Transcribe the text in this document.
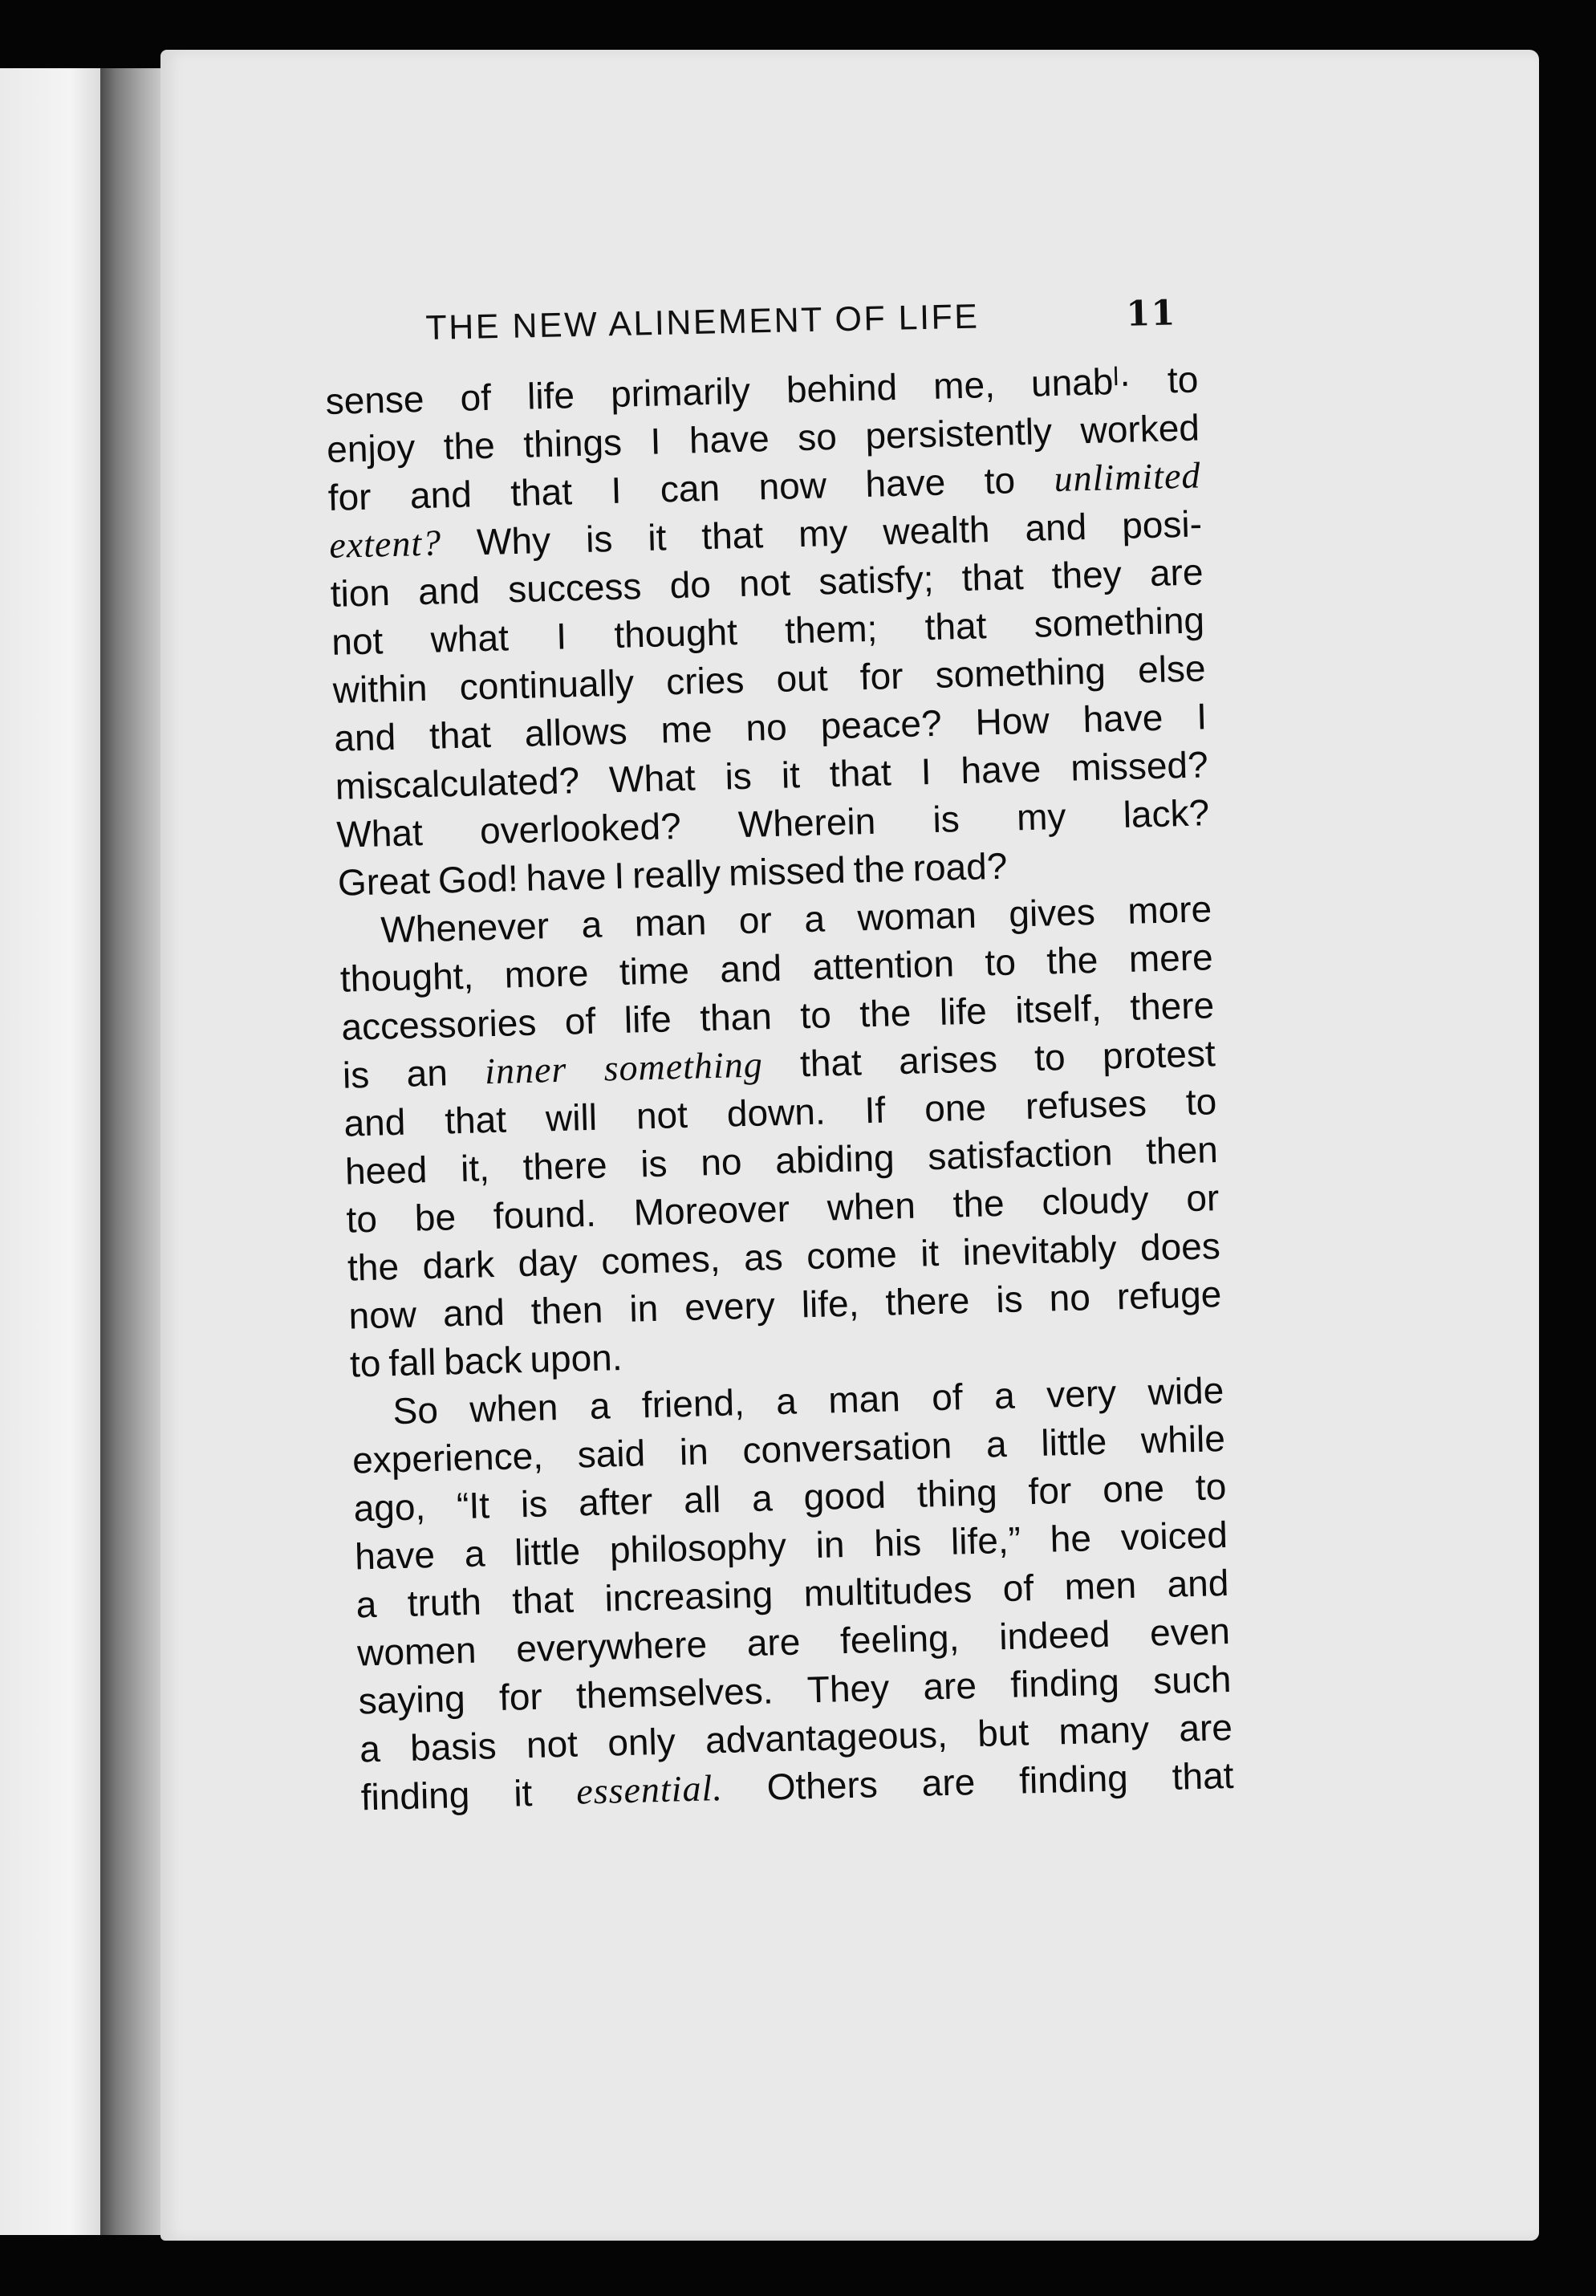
THE NEW ALINEMENT OF LIFE	11
sense of life primarily behind me, unabˡ· to
enjoy the things I have so persistently worked
for and that I can now have to unlimited
extent? Why is it that my wealth and posi-
tion and success do not satisfy; that they are
not what I thought them; that something
within continually cries out for something else
and that allows me no peace? How have I
miscalculated? What is it that I have missed?
What overlooked? Wherein is my lack?
Great God! have I really missed the road?
Whenever a man or a woman gives more
thought, more time and attention to the mere
accessories of life than to the life itself, there
is an inner something that arises to protest
and that will not down. If one refuses to
heed it, there is no abiding satisfaction then
to be found. Moreover when the cloudy or
the dark day comes, as come it inevitably does
now and then in every life, there is no refuge
to fall back upon.
So when a friend, a man of a very wide
experience, said in conversation a little while
ago, “It is after all a good thing for one to
have a little philosophy in his life,” he voiced
a truth that increasing multitudes of men and
women everywhere are feeling, indeed even
saying for themselves. They are finding such
a basis not only advantageous, but many are
finding it essential. Others are finding that
